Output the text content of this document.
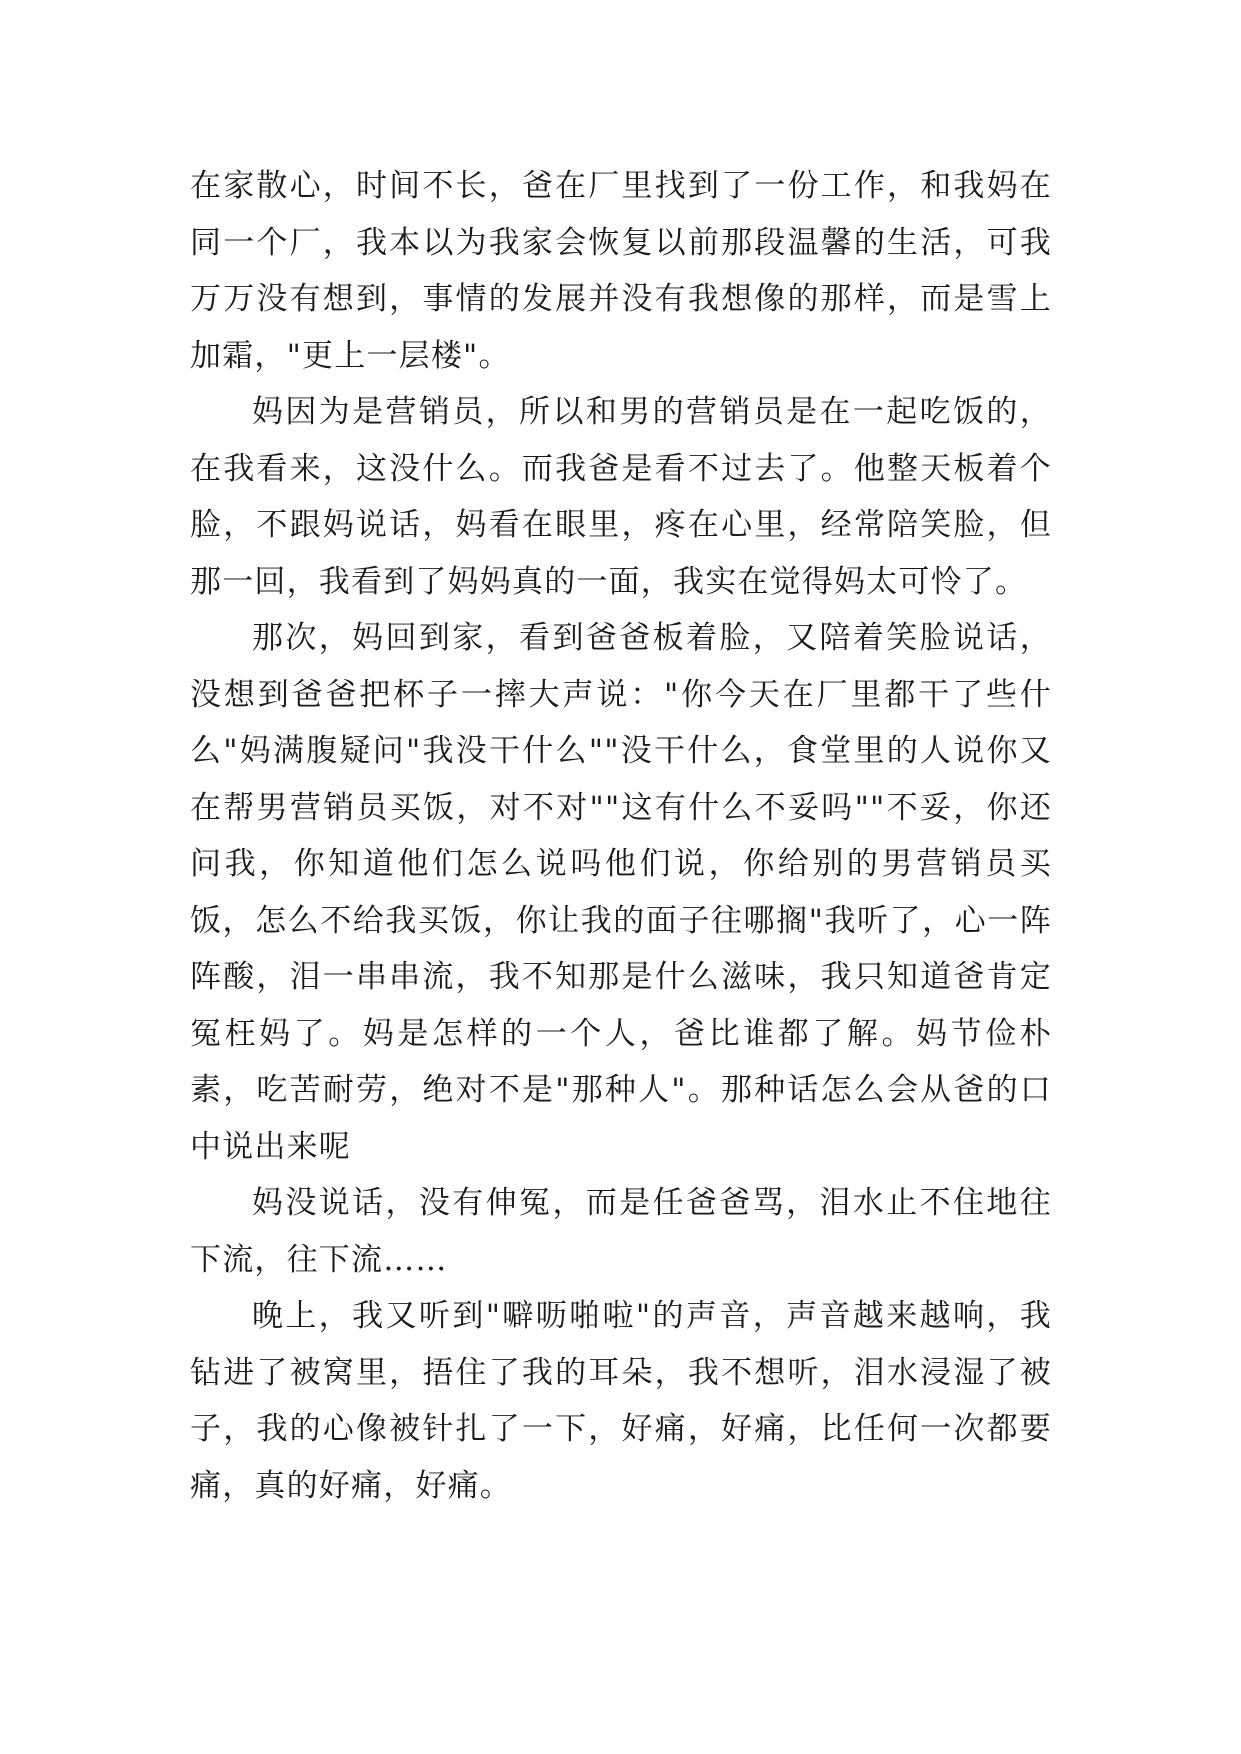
在家散心，时间不长，爸在厂里找到了一份工作，和我妈在同一个厂，我本以为我家会恢复以前那段温馨的生活，可我万万没有想到，事情的发展并没有我想像的那样，而是雪上加霜，"更上一层楼"。

妈因为是营销员，所以和男的营销员是在一起吃饭的，在我看来，这没什么。而我爸是看不过去了。他整天板着个脸，不跟妈说话，妈看在眼里，疼在心里，经常陪笑脸，但那一回，我看到了妈妈真的一面，我实在觉得妈太可怜了。

那次，妈回到家，看到爸爸板着脸，又陪着笑脸说话，没想到爸爸把杯子一摔大声说："你今天在厂里都干了些什么"妈满腹疑问"我没干什么""没干什么，食堂里的人说你又在帮男营销员买饭，对不对""这有什么不妥吗""不妥，你还问我，你知道他们怎么说吗他们说，你给别的男营销员买饭，怎么不给我买饭，你让我的面子往哪搁"我听了，心一阵阵酸，泪一串串流，我不知那是什么滋味，我只知道爸肯定冤枉妈了。妈是怎样的一个人，爸比谁都了解。妈节俭朴素，吃苦耐劳，绝对不是"那种人"。那种话怎么会从爸的口中说出来呢

妈没说话，没有伸冤，而是任爸爸骂，泪水止不住地往下流，往下流……

晚上，我又听到"噼呖啪啦"的声音，声音越来越响，我钻进了被窝里，捂住了我的耳朵，我不想听，泪水浸湿了被子，我的心像被针扎了一下，好痛，好痛，比任何一次都要痛，真的好痛，好痛。
